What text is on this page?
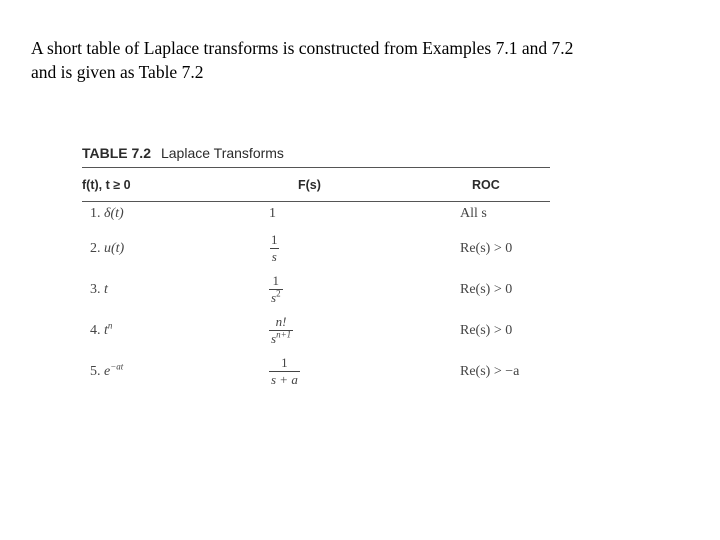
A short table of Laplace transforms is constructed from Examples 7.1 and 7.2
and is given as Table 7.2
TABLE 7.2 Laplace Transforms
f(t), t ≥ 0	F(s)	ROC
1. δ(t)	1	All s
2. u(t)	$\frac{1}{s}$	Re(s) > 0
3. t	$\frac{1}{s^2}$	Re(s) > 0
4. $t^n$	$\frac{n!}{s^{n+1}}$	Re(s) > 0
5. $e^{-at}$	$\frac{1}{s + a}$	Re(s) > −a
